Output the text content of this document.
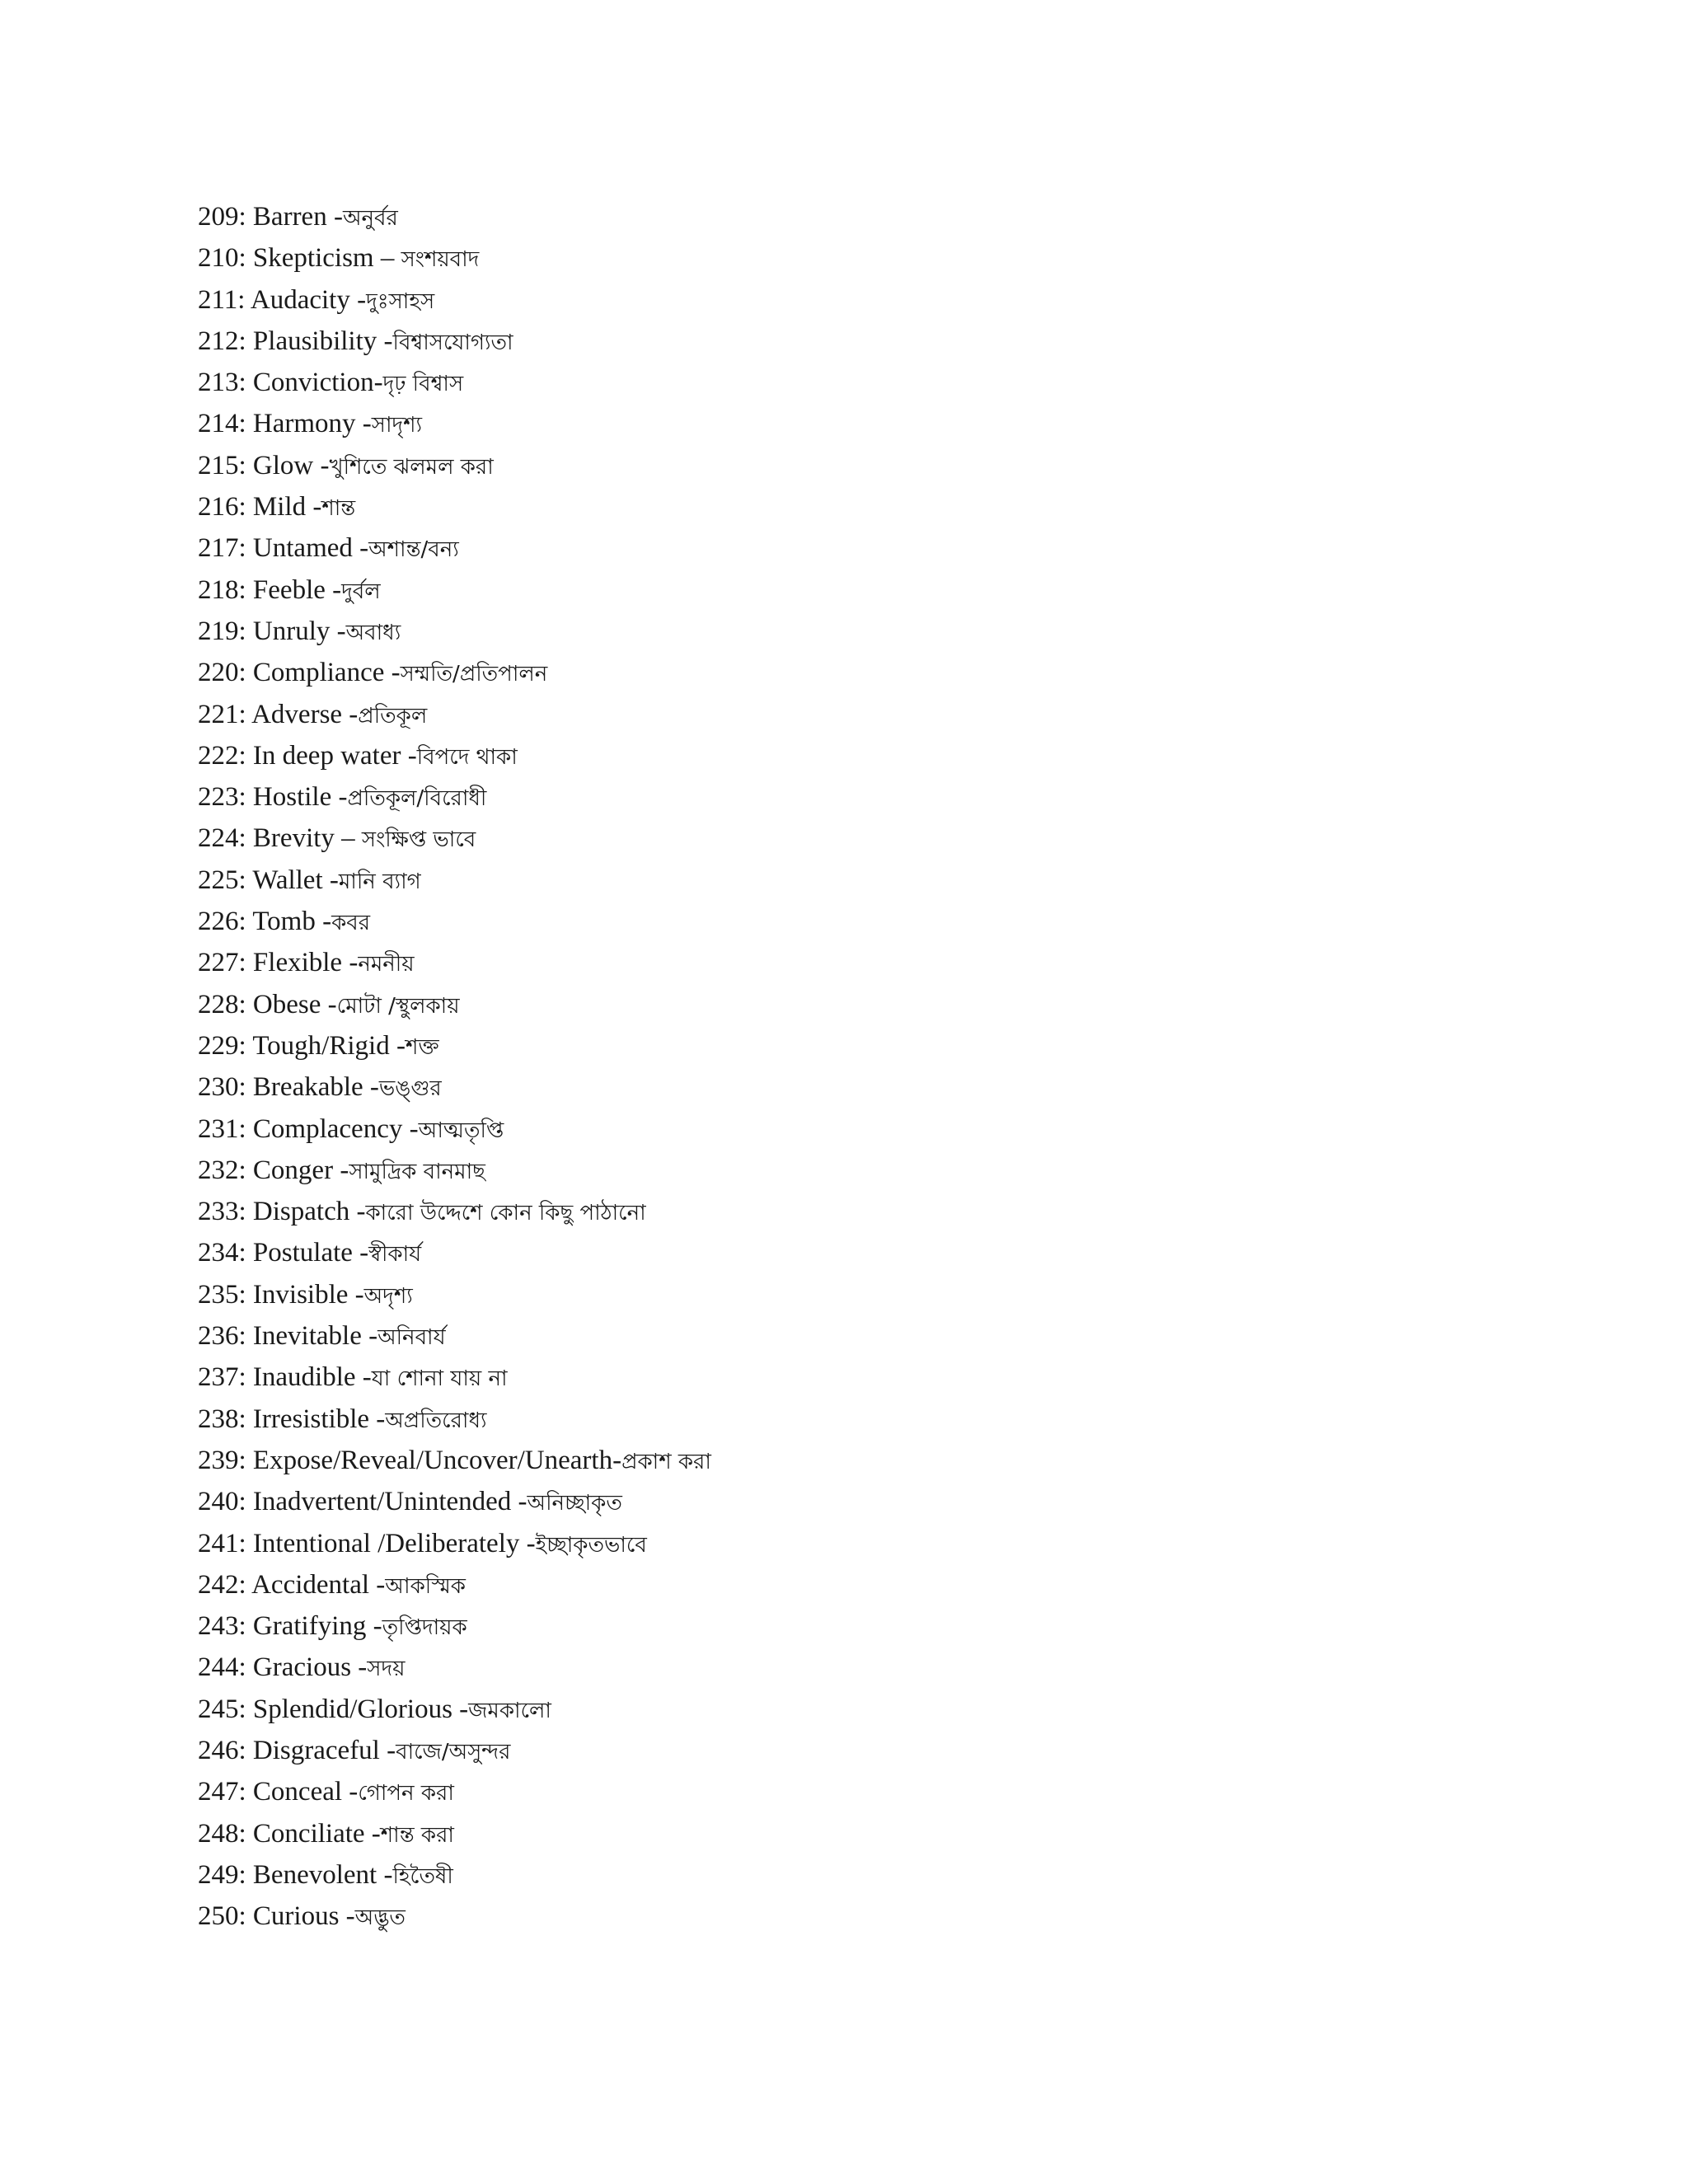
209: Barren -অনুর্বর
210: Skepticism – সংশয়বাদ
211: Audacity -দুঃসাহস
212: Plausibility -বিশ্বাসযোগ্যতা
213: Conviction-দৃঢ় বিশ্বাস
214: Harmony -সাদৃশ্য
215: Glow -খুশিতে ঝলমল করা
216: Mild -শান্ত
217: Untamed -অশান্ত/বন্য
218: Feeble -দুর্বল
219: Unruly -অবাধ্য
220: Compliance -সম্মতি/প্রতিপালন
221: Adverse -প্রতিকূল
222: In deep water -বিপদে থাকা
223: Hostile -প্রতিকূল/বিরোধী
224: Brevity – সংক্ষিপ্ত ভাবে
225: Wallet -মানি ব্যাগ
226: Tomb -কবর
227: Flexible -নমনীয়
228: Obese -মোটা /স্থুলকায়
229: Tough/Rigid -শক্ত
230: Breakable -ভঙ্গুর
231: Complacency -আত্মতৃপ্তি
232: Conger -সামুদ্রিক বানমাছ
233: Dispatch -কারো উদ্দেশে কোন কিছু পাঠানো
234: Postulate -স্বীকার্য
235: Invisible -অদৃশ্য
236: Inevitable -অনিবার্য
237: Inaudible -যা শোনা যায় না
238: Irresistible -অপ্রতিরোধ্য
239: Expose/Reveal/Uncover/Unearth-প্রকাশ করা
240: Inadvertent/Unintended -অনিচ্ছাকৃত
241: Intentional /Deliberately -ইচ্ছাকৃতভাবে
242: Accidental -আকস্মিক
243: Gratifying -তৃপ্তিদায়ক
244: Gracious -সদয়
245: Splendid/Glorious -জমকালো
246: Disgraceful -বাজে/অসুন্দর
247: Conceal -গোপন করা
248: Conciliate -শান্ত করা
249: Benevolent -হিতৈষী
250: Curious -অদ্ভুত
